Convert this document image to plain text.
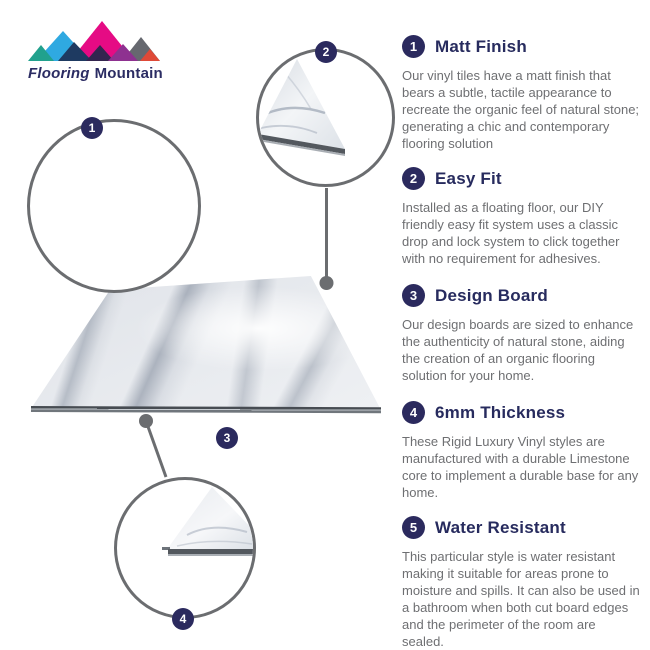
Flooring Mountain
1
2
3
4
1	Matt Finish

Our vinyl tiles have a matt finish that bears a subtle, tactile appearance to recreate the organic feel of natural stone; generating a chic and contemporary flooring solution

2	Easy Fit

Installed as a floating floor, our DIY friendly easy fit system uses a classic drop and lock system to click together with no requirement for adhesives.

3	Design Board

Our design boards are sized to enhance the authenticity of natural stone, aiding the creation of an organic flooring solution for your home.

4	6mm Thickness

These Rigid Luxury Vinyl styles are manufactured with a durable Limestone core to implement a durable base for any home.

5	Water Resistant

This particular style is water resistant making it suitable for areas prone to moisture and spills. It can also be used in a bathroom when both cut board edges and the perimeter of the room are sealed.
